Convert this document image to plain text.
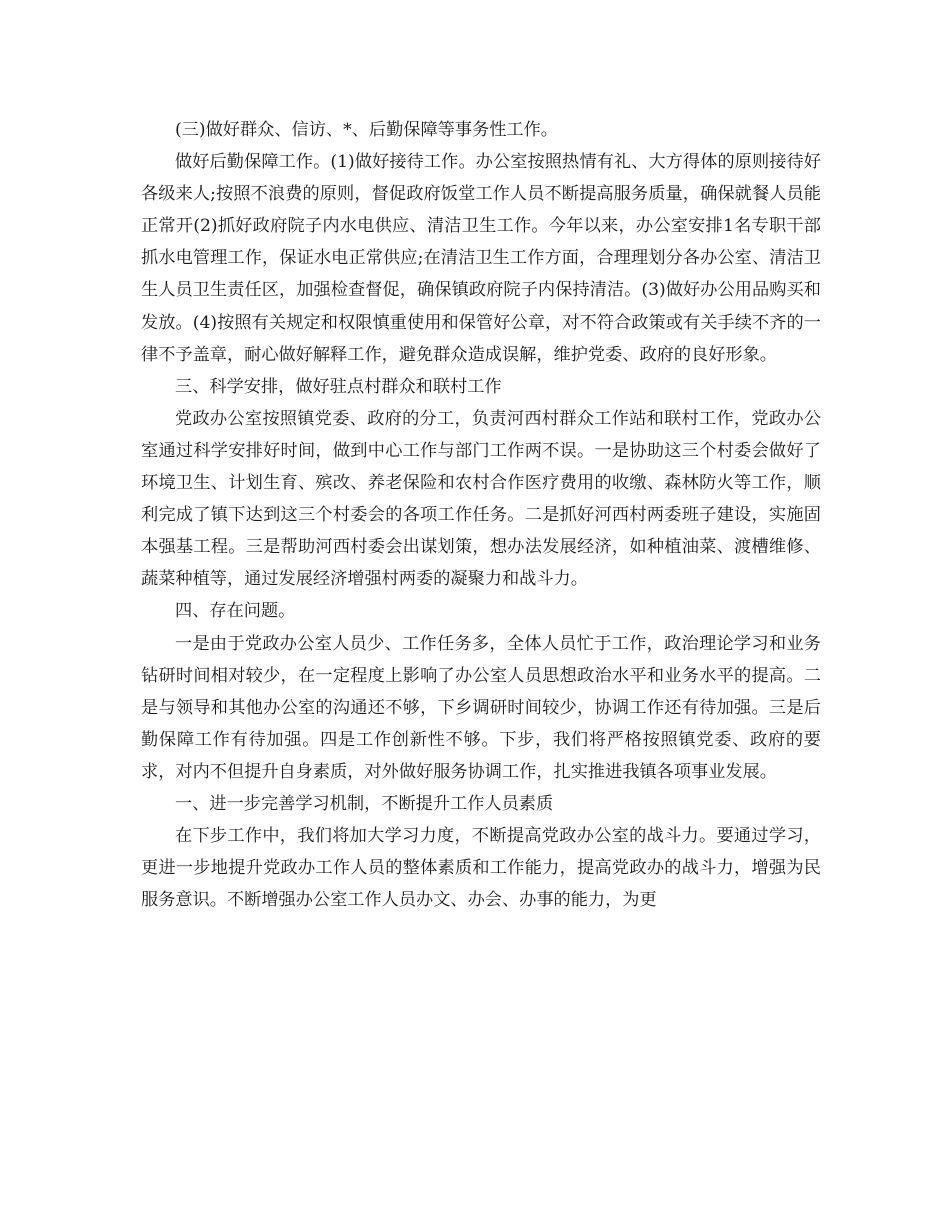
(三)做好群众、信访、*、后勤保障等事务性工作。

做好后勤保障工作。(1)做好接待工作。办公室按照热情有礼、大方得体的原则接待好各级来人;按照不浪费的原则，督促政府饭堂工作人员不断提高服务质量，确保就餐人员能正常开(2)抓好政府院子内水电供应、清洁卫生工作。今年以来，办公室安排1名专职干部抓水电管理工作，保证水电正常供应;在清洁卫生工作方面，合理理划分各办公室、清洁卫生人员卫生责任区，加强检查督促，确保镇政府院子内保持清洁。(3)做好办公用品购买和发放。(4)按照有关规定和权限慎重使用和保管好公章，对不符合政策或有关手续不齐的一律不予盖章，耐心做好解释工作，避免群众造成误解，维护党委、政府的良好形象。

三、科学安排，做好驻点村群众和联村工作

党政办公室按照镇党委、政府的分工，负责河西村群众工作站和联村工作，党政办公室通过科学安排好时间，做到中心工作与部门工作两不误。一是协助这三个村委会做好了环境卫生、计划生育、殡改、养老保险和农村合作医疗费用的收缴、森林防火等工作，顺利完成了镇下达到这三个村委会的各项工作任务。二是抓好河西村两委班子建设，实施固本强基工程。三是帮助河西村委会出谋划策，想办法发展经济，如种植油菜、渡槽维修、蔬菜种植等，通过发展经济增强村两委的凝聚力和战斗力。

四、存在问题。

一是由于党政办公室人员少、工作任务多，全体人员忙于工作，政治理论学习和业务钻研时间相对较少，在一定程度上影响了办公室人员思想政治水平和业务水平的提高。二是与领导和其他办公室的沟通还不够，下乡调研时间较少，协调工作还有待加强。三是后勤保障工作有待加强。四是工作创新性不够。下步，我们将严格按照镇党委、政府的要求，对内不但提升自身素质，对外做好服务协调工作，扎实推进我镇各项事业发展。

一、进一步完善学习机制，不断提升工作人员素质

在下步工作中，我们将加大学习力度，不断提高党政办公室的战斗力。要通过学习，更进一步地提升党政办工作人员的整体素质和工作能力，提高党政办的战斗力，增强为民服务意识。不断增强办公室工作人员办文、办会、办事的能力，为更
